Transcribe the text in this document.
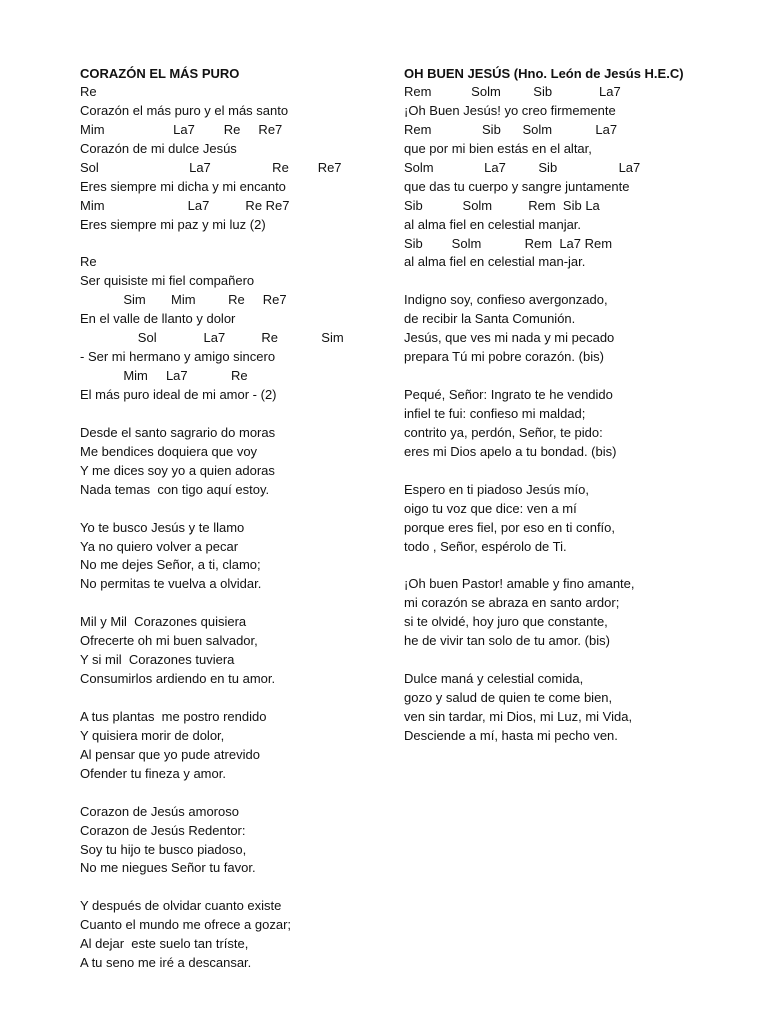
CORAZÓN EL MÁS PURO
Re
Corazón el más puro y el más santo
Mim                   La7        Re     Re7
Corazón de mi dulce Jesús
Sol                         La7                 Re        Re7
Eres siempre mi dicha y mi encanto
Mim                       La7          Re Re7
Eres siempre mi paz y mi luz (2)
Re
Ser quisiste mi fiel compañero
Sim       Mim         Re     Re7
En el valle de llanto y dolor
Sol             La7          Re            Sim
- Ser mi hermano y amigo sincero
Mim     La7            Re
El más puro ideal de mi amor - (2)
Desde el santo sagrario do moras
Me bendices doquiera que voy
Y me dices soy yo a quien adoras
Nada temas  con tigo aquí estoy.
Yo te busco Jesús y te llamo
Ya no quiero volver a pecar
No me dejes Señor, a ti, clamo;
No permitas te vuelva a olvidar.
Mil y Mil  Corazones quisiera
Ofrecerte oh mi buen salvador,
Y si mil  Corazones tuviera
Consumirlos ardiendo en tu amor.
A tus plantas  me postro rendido
Y quisiera morir de dolor,
Al pensar que yo pude atrevido
Ofender tu fineza y amor.
Corazon de Jesús amoroso
Corazon de Jesús Redentor:
Soy tu hijo te busco piadoso,
No me niegues Señor tu favor.
Y después de olvidar cuanto existe
Cuanto el mundo me ofrece a gozar;
Al dejar  este suelo tan tríste,
A tu seno me iré a descansar.
OH BUEN JESÚS (Hno. León de Jesús H.E.C)
Rem           Solm         Sib             La7
¡Oh Buen Jesús! yo creo firmemente
Rem              Sib      Solm            La7
que por mi bien estás en el altar,
Solm              La7         Sib                 La7
que das tu cuerpo y sangre juntamente
Sib           Solm          Rem  Sib La
al alma fiel en celestial manjar.
Sib        Solm            Rem  La7 Rem
al alma fiel en celestial man-jar.
Indigno soy, confieso avergonzado,
de recibir la Santa Comunión.
Jesús, que ves mi nada y mi pecado
prepara Tú mi pobre corazón. (bis)
Pequé, Señor: Ingrato te he vendido
infiel te fui: confieso mi maldad;
contrito ya, perdón, Señor, te pido:
eres mi Dios apelo a tu bondad. (bis)
Espero en ti piadoso Jesús mío,
oigo tu voz que dice: ven a mí
porque eres fiel, por eso en ti confío,
todo , Señor, espérolo de Ti.
¡Oh buen Pastor! amable y fino amante,
mi corazón se abraza en santo ardor;
si te olvidé, hoy juro que constante,
he de vivir tan solo de tu amor. (bis)
Dulce maná y celestial comida,
gozo y salud de quien te come bien,
ven sin tardar, mi Dios, mi Luz, mi Vida,
Desciende a mí, hasta mi pecho ven.
